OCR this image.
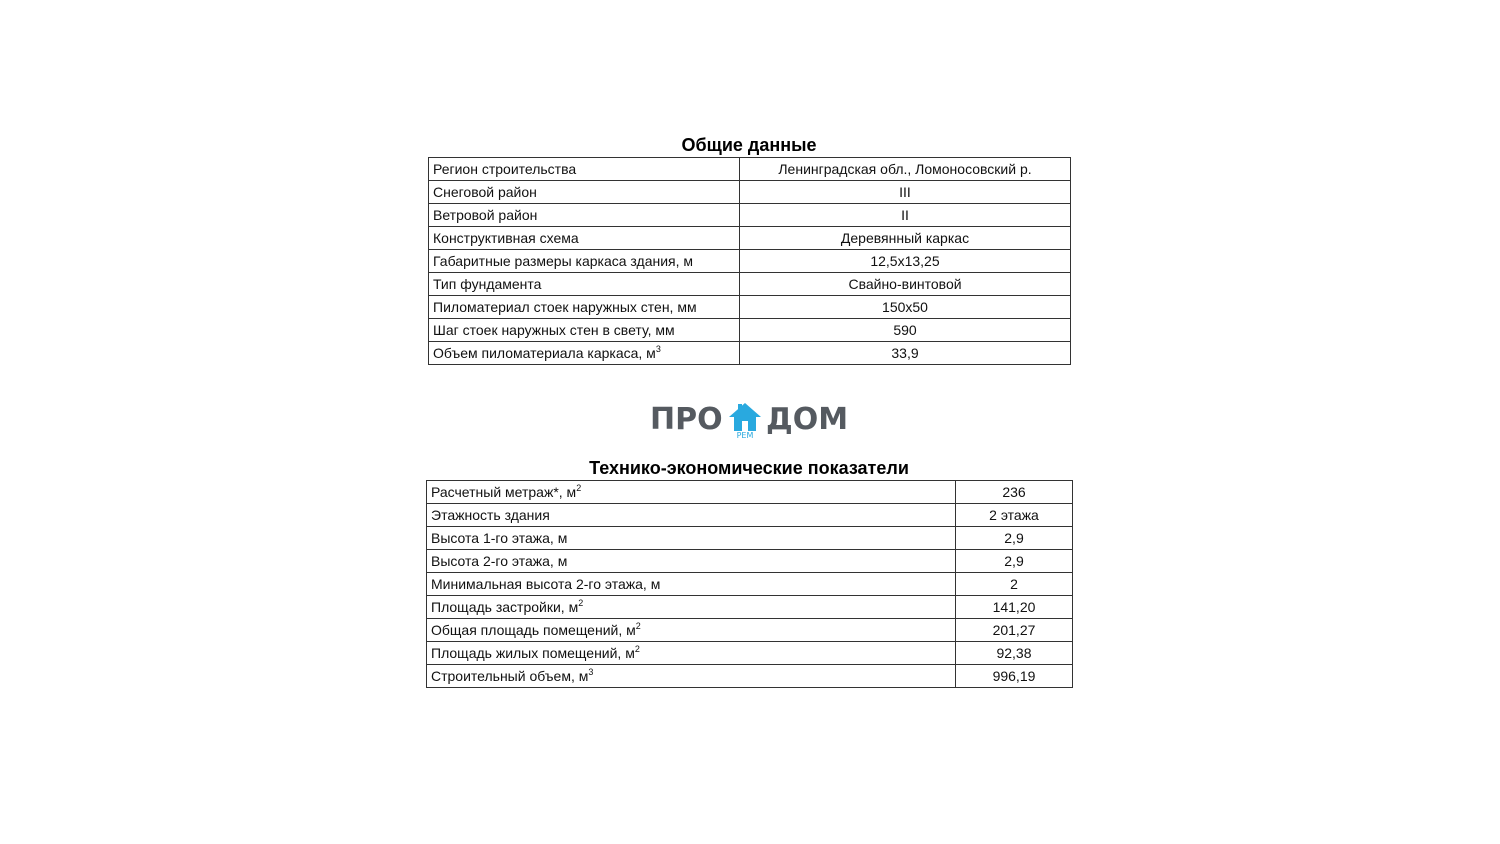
Общие данные
Регион строительства	Ленинградская обл., Ломоносовский р.
Снеговой район	III
Ветровой район	II
Конструктивная схема	Деревянный каркас
Габаритные размеры каркаса здания, м	12,5х13,25
Тип фундамента	Свайно-винтовой
Пиломатериал стоек наружных стен, мм	150х50
Шаг стоек наружных стен в свету, мм	590
Объем пиломатериала каркаса, $м^3$	33,9
ПРО	РЕМ ДОМ
Технико-экономические показатели
Расчетный метраж*, $м^2$	236
Этажность здания	2 этажа
Высота 1-го этажа, м	2,9
Высота 2-го этажа, м	2,9
Минимальная высота 2-го этажа, м	2
Площадь застройки, $м^2$	141,20
Общая площадь помещений, $м^2$	201,27
Площадь жилых помещений, $м^2$	92,38
Строительный объем, $м^3$	996,19
